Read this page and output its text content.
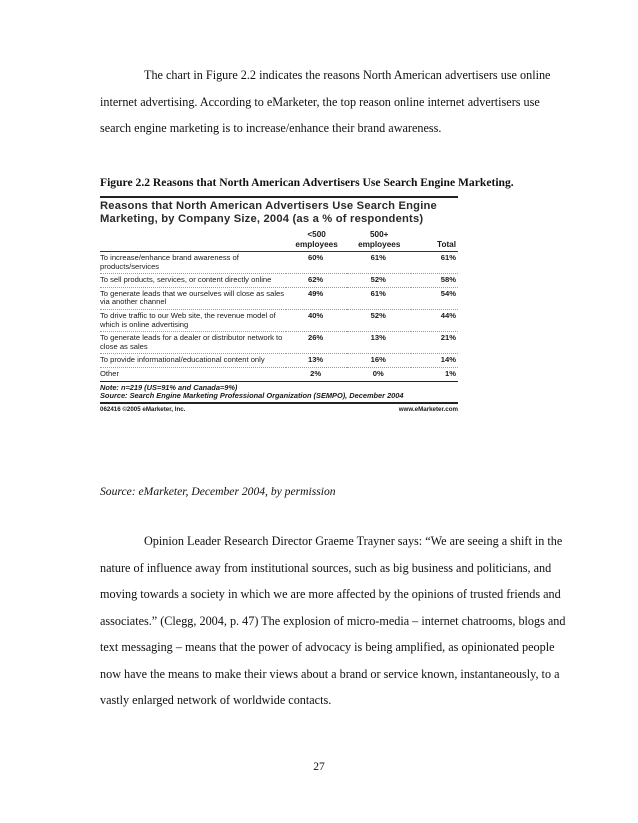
The chart in Figure 2.2 indicates the reasons North American advertisers use online internet advertising. According to eMarketer, the top reason online internet advertisers use search engine marketing is to increase/enhance their brand awareness.

Figure 2.2 Reasons that North American Advertisers Use Search Engine Marketing.
Reasons that North American Advertisers Use Search Engine Marketing, by Company Size, 2004 (as a % of respondents)
	<500 employees	500+ employees	Total
To increase/enhance brand awareness of products/services	60%	61%	61%
To sell products, services, or content directly online	62%	52%	58%
To generate leads that we ourselves will close as sales via another channel	49%	61%	54%
To drive traffic to our Web site, the revenue model of which is online advertising	40%	52%	44%
To generate leads for a dealer or distributor network to close as sales	26%	13%	21%
To provide informational/educational content only	13%	16%	14%
Other	2%	0%	1%
Note: n=219 (US=91% and Canada=9%)
Source: Search Engine Marketing Professional Organization (SEMPO), December 2004
062416 ©2005 eMarketer, Inc.	www.eMarketer.com
Source: eMarketer, December 2004, by permission

Opinion Leader Research Director Graeme Trayner says: “We are seeing a shift in the nature of influence away from institutional sources, such as big business and politicians, and moving towards a society in which we are more affected by the opinions of trusted friends and associates.” (Clegg, 2004, p. 47) The explosion of micro-media – internet chatrooms, blogs and text messaging – means that the power of advocacy is being amplified, as opinionated people now have the means to make their views about a brand or service known, instantaneously, to a vastly enlarged network of worldwide contacts.

27
